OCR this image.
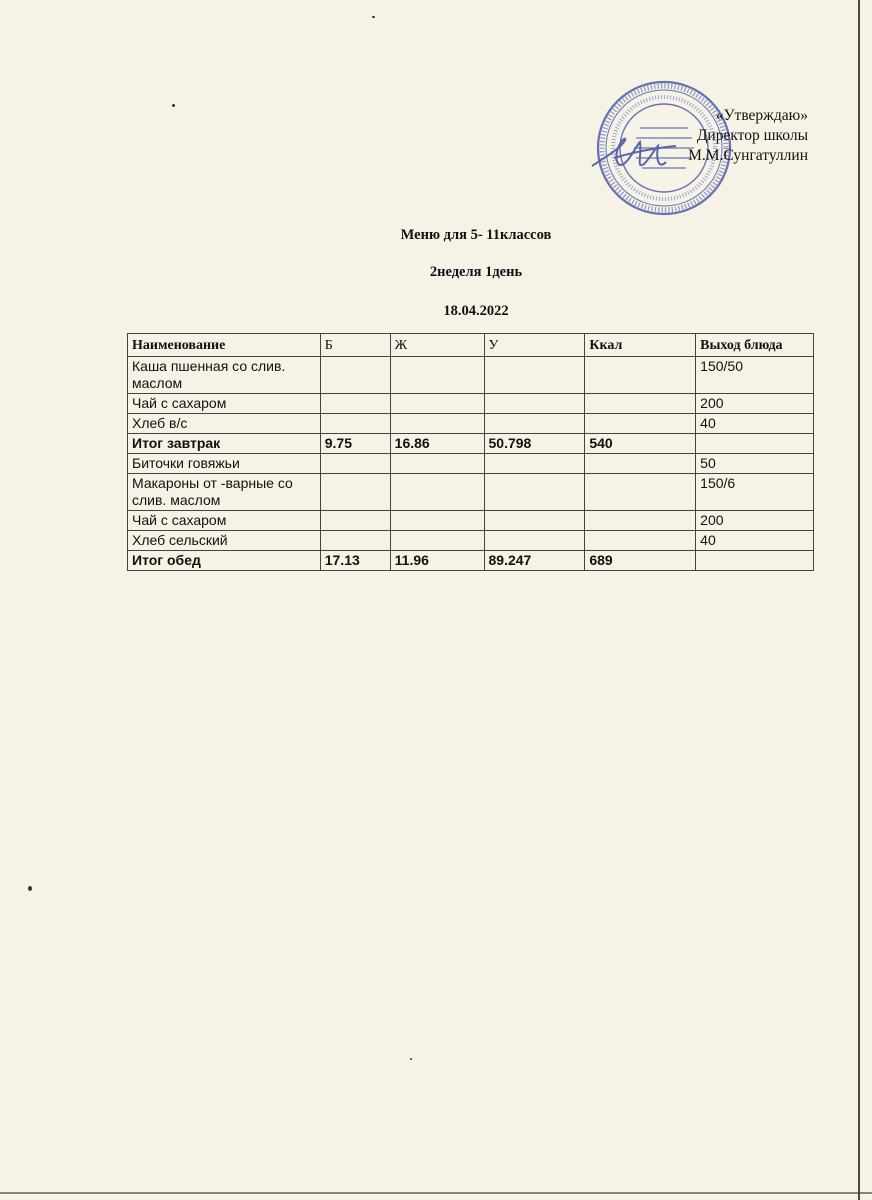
«Утверждаю»
Директор школы
М.М.Сунгатуллин
Меню для 5- 11классов
2неделя 1день
18.04.2022
Наименование	Б	Ж	У	Ккал	Выход блюда
Каша пшенная со слив. маслом					150/50
Чай с сахаром					200
Хлеб в/с					40
Итог завтрак	9.75	16.86	50.798	540	
Биточки говяжьи					50
Макароны от -варные со слив. маслом					150/6
Чай с сахаром					200
Хлеб сельский					40
Итог обед	17.13	11.96	89.247	689	
